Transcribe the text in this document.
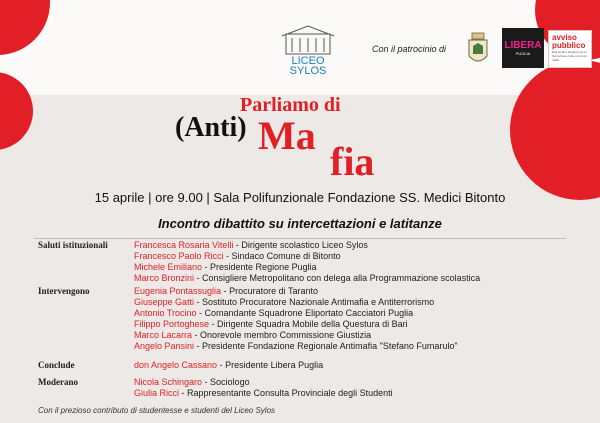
LICEO
SYLOS
Con il patrocinio di	LIBERA
PUGLIA
avviso pubblico
Enti locali e Regioni per la formazione civile contro le mafie
Parliamo di
(Anti) Ma
fia
15 aprile | ore 9.00 | Sala Polifunzionale Fondazione SS. Medici Bitonto
Incontro dibattito su intercettazioni e latitanze
Saluti istituzionali	Francesca Rosaria Vitelli - Dirigente scolastico Liceo Sylos
Francesco Paolo Ricci - Sindaco Comune di Bitonto
Michele Emiliano - Presidente Regione Puglia
Marco Bronzini - Consigliere Metropolitano con delega alla Programmazione scolastica
Intervengono	Eugenia Pontassuglia - Procuratore di Taranto
Giuseppe Gatti - Sostituto Procuratore Nazionale Antimafia e Antiterrorismo
Antonio Trocino - Comandante Squadrone Eliportato Cacciatori Puglia
Filippo Portoghese - Dirigente Squadra Mobile della Questura di Bari
Marco Lacarra - Onorevole membro Commissione Giustizia
Angelo Pansini - Presidente Fondazione Regionale Antimafia "Stefano Fumarulo"
Conclude	don Angelo Cassano - Presidente Libera Puglia
Moderano	Nicola Schingaro - Sociologo
Giulia Ricci - Rappresentante Consulta Provinciale degli Studenti
Con il prezioso contributo di studentesse e studenti del Liceo Sylos
